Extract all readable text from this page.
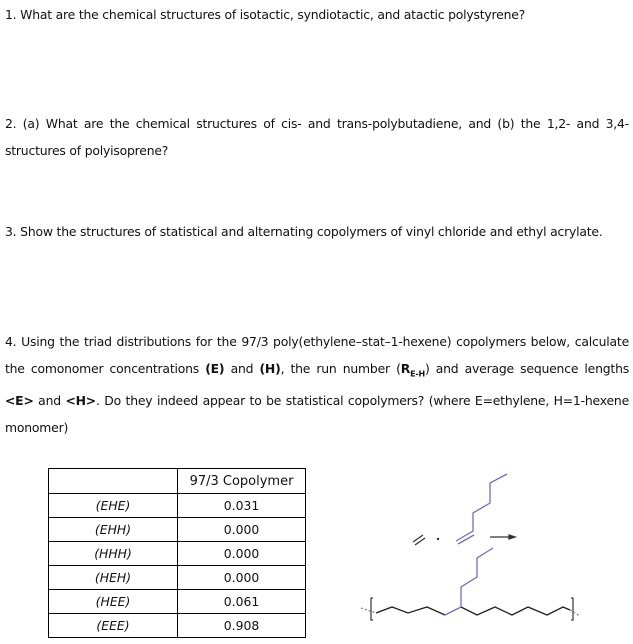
1. What are the chemical structures of isotactic, syndiotactic, and atactic polystyrene?
2. (a) What are the chemical structures of cis- and trans-polybutadiene, and (b) the 1,2- and 3,4-structures of polyisoprene?
3. Show the structures of statistical and alternating copolymers of vinyl chloride and ethyl acrylate.
4. Using the triad distributions for the 97/3 poly(ethylene–stat–1-hexene) copolymers below, calculate the comonomer concentrations (E) and (H), the run number $(R_{E-H})$ and average sequence lengths <E> and <H>. Do they indeed appear to be statistical copolymers? (where E=ethylene, H=1-hexene monomer)
	97/3 Copolymer
(EHE)	0.031
(EHH)	0.000
(HHH)	0.000
(HEH)	0.000
(HEE)	0.061
(EEE)	0.908
